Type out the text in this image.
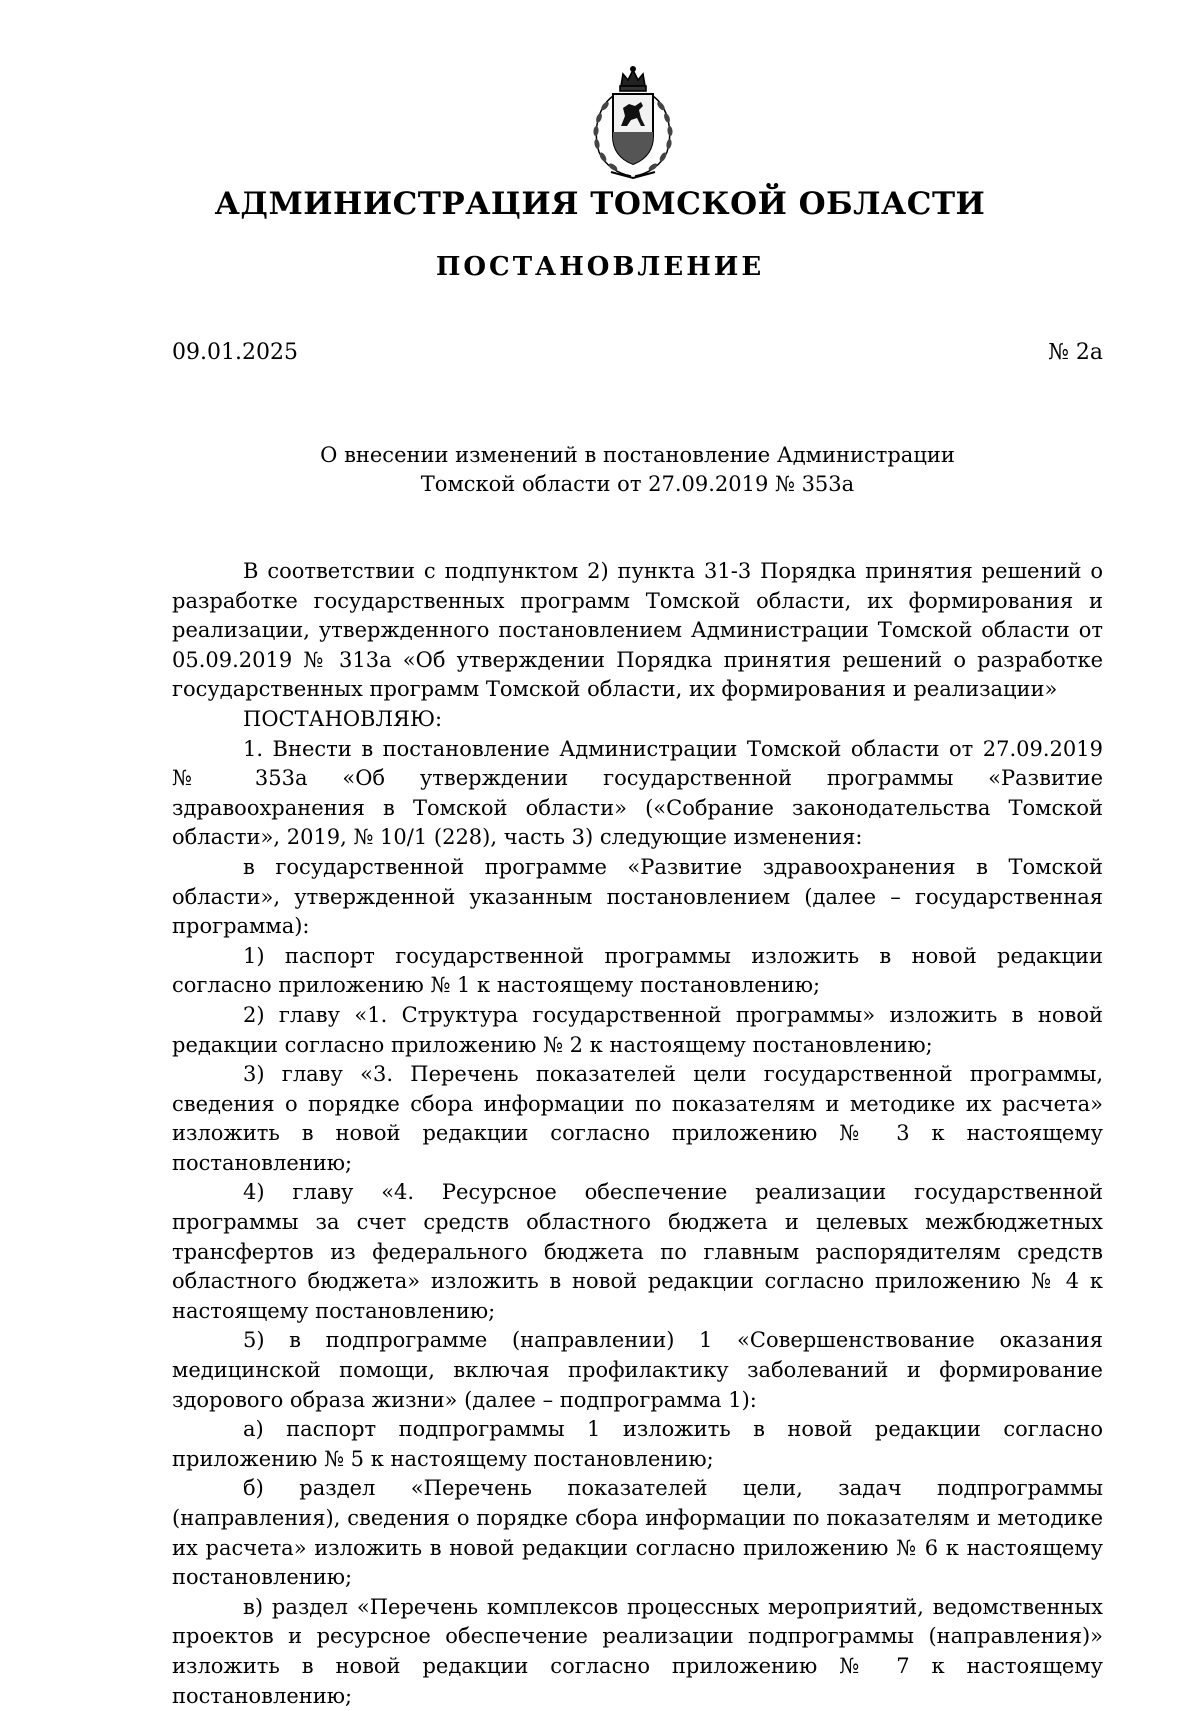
АДМИНИСТРАЦИЯ ТОМСКОЙ ОБЛАСТИ
ПОСТАНОВЛЕНИЕ
09.01.2025	№ 2а
О внесении изменений в постановление Администрации
Томской области от 27.09.2019 № 353а

В соответствии с подпунктом 2) пункта 31-3 Порядка принятия решений о разработке государственных программ Томской области, их формирования и реализации, утвержденного постановлением Администрации Томской области от 05.09.2019 № 313а «Об утверждении Порядка принятия решений о разработке государственных программ Томской области, их формирования и реализации»

ПОСТАНОВЛЯЮ:

1. Внести в постановление Администрации Томской области от 27.09.2019 № 353а «Об утверждении государственной программы «Развитие здравоохранения в Томской области» («Собрание законодательства Томской области», 2019, № 10/1 (228), часть 3) следующие изменения:

в государственной программе «Развитие здравоохранения в Томской области», утвержденной указанным постановлением (далее – государственная программа):

1) паспорт государственной программы изложить в новой редакции согласно приложению № 1 к настоящему постановлению;

2) главу «1. Структура государственной программы» изложить в новой редакции согласно приложению № 2 к настоящему постановлению;

3) главу «3. Перечень показателей цели государственной программы, сведения о порядке сбора информации по показателям и методике их расчета» изложить в новой редакции согласно приложению № 3 к настоящему постановлению;

4) главу «4. Ресурсное обеспечение реализации государственной программы за счет средств областного бюджета и целевых межбюджетных трансфертов из федерального бюджета по главным распорядителям средств областного бюджета» изложить в новой редакции согласно приложению № 4 к настоящему постановлению;

5) в подпрограмме (направлении) 1 «Совершенствование оказания медицинской помощи, включая профилактику заболеваний и формирование здорового образа жизни» (далее – подпрограмма 1):

а) паспорт подпрограммы 1 изложить в новой редакции согласно приложению № 5 к настоящему постановлению;

б) раздел «Перечень показателей цели, задач подпрограммы (направления), сведения о порядке сбора информации по показателям и методике их расчета» изложить в новой редакции согласно приложению № 6 к настоящему постановлению;

в) раздел «Перечень комплексов процессных мероприятий, ведомственных проектов и ресурсное обеспечение реализации подпрограммы (направления)» изложить в новой редакции согласно приложению № 7 к настоящему постановлению;
